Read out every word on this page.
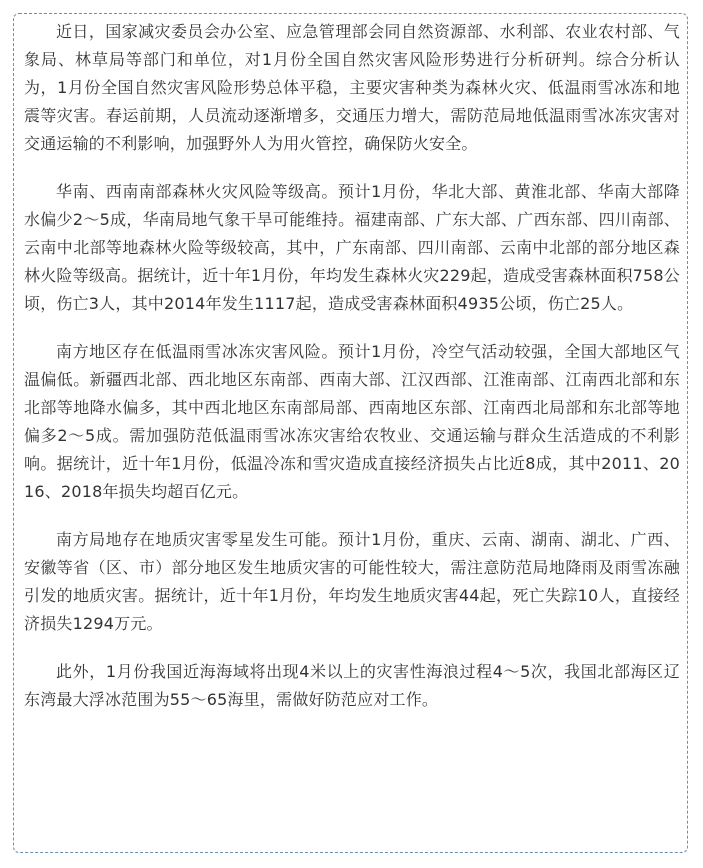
近日，国家减灾委员会办公室、应急管理部会同自然资源部、水利部、农业农村部、气象局、林草局等部门和单位，对1月份全国自然灾害风险形势进行分析研判。综合分析认为，1月份全国自然灾害风险形势总体平稳，主要灾害种类为森林火灾、低温雨雪冰冻和地震等灾害。春运前期，人员流动逐渐增多，交通压力增大，需防范局地低温雨雪冰冻灾害对交通运输的不利影响，加强野外人为用火管控，确保防火安全。

华南、西南南部森林火灾风险等级高。预计1月份，华北大部、黄淮北部、华南大部降水偏少2～5成，华南局地气象干旱可能维持。福建南部、广东大部、广西东部、四川南部、云南中北部等地森林火险等级较高，其中，广东南部、四川南部、云南中北部的部分地区森林火险等级高。据统计，近十年1月份，年均发生森林火灾229起，造成受害森林面积758公顷，伤亡3人，其中2014年发生1117起，造成受害森林面积4935公顷，伤亡25人。

南方地区存在低温雨雪冰冻灾害风险。预计1月份，冷空气活动较强，全国大部地区气温偏低。新疆西北部、西北地区东南部、西南大部、江汉西部、江淮南部、江南西北部和东北部等地降水偏多，其中西北地区东南部局部、西南地区东部、江南西北局部和东北部等地偏多2～5成。需加强防范低温雨雪冰冻灾害给农牧业、交通运输与群众生活造成的不利影响。据统计，近十年1月份，低温冷冻和雪灾造成直接经济损失占比近8成，其中2011、2016、2018年损失均超百亿元。

南方局地存在地质灾害零星发生可能。预计1月份，重庆、云南、湖南、湖北、广西、安徽等省（区、市）部分地区发生地质灾害的可能性较大，需注意防范局地降雨及雨雪冻融引发的地质灾害。据统计，近十年1月份，年均发生地质灾害44起，死亡失踪10人，直接经济损失1294万元。

此外，1月份我国近海海域将出现4米以上的灾害性海浪过程4～5次，我国北部海区辽东湾最大浮冰范围为55～65海里，需做好防范应对工作。
